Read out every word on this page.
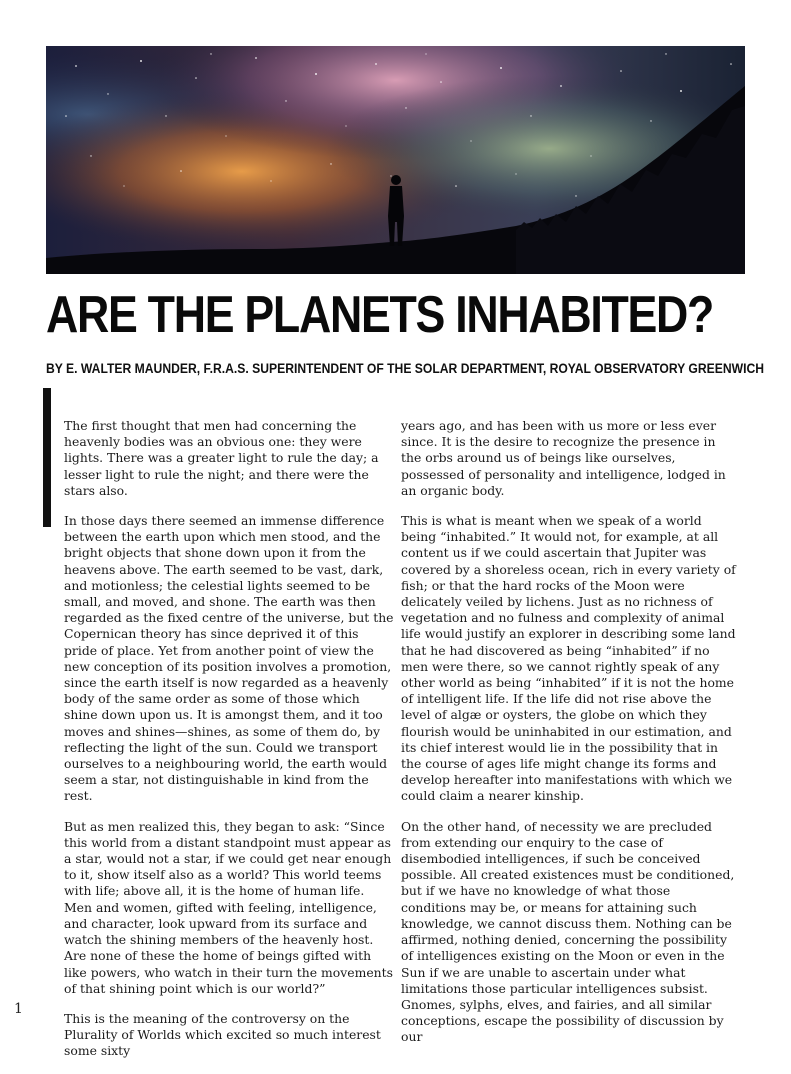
ARE THE PLANETS INHABITED?
BY E. WALTER MAUNDER, F.R.A.S. SUPERINTENDENT OF THE SOLAR DEPARTMENT, ROYAL OBSERVATORY GREENWICH

The first thought that men had concerning the heavenly bodies was an obvious one: they were lights. There was a greater light to rule the day; a lesser light to rule the night; and there were the stars also.

In those days there seemed an immense difference between the earth upon which men stood, and the bright objects that shone down upon it from the heavens above. The earth seemed to be vast, dark, and motionless; the celestial lights seemed to be small, and moved, and shone. The earth was then regarded as the fixed centre of the universe, but the Copernican theory has since deprived it of this pride of place. Yet from another point of view the new conception of its position involves a promotion, since the earth itself is now regarded as a heavenly body of the same order as some of those which shine down upon us. It is amongst them, and it too moves and shines—shines, as some of them do, by reflecting the light of the sun. Could we transport ourselves to a neighbouring world, the earth would seem a star, not distinguishable in kind from the rest.

But as men realized this, they began to ask: “Since this world from a distant standpoint must appear as a star, would not a star, if we could get near enough to it, show itself also as a world? This world teems with life; above all, it is the home of human life. Men and women, gifted with feeling, intelligence, and character, look upward from its surface and watch the shining members of the heavenly host. Are none of these the home of beings gifted with like powers, who watch in their turn the movements of that shining point which is our world?”

This is the meaning of the controversy on the Plurality of Worlds which excited so much interest some sixty

years ago, and has been with us more or less ever since. It is the desire to recognize the presence in the orbs around us of beings like ourselves, possessed of personality and intelligence, lodged in an organic body.

This is what is meant when we speak of a world being “inhabited.” It would not, for example, at all content us if we could ascertain that Jupiter was covered by a shoreless ocean, rich in every variety of fish; or that the hard rocks of the Moon were delicately veiled by lichens. Just as no richness of vegetation and no fulness and complexity of animal life would justify an explorer in describing some land that he had discovered as being “inhabited” if no men were there, so we cannot rightly speak of any other world as being “inhabited” if it is not the home of intelligent life. If the life did not rise above the level of algæ or oysters, the globe on which they flourish would be uninhabited in our estimation, and its chief interest would lie in the possibility that in the course of ages life might change its forms and develop hereafter into manifestations with which we could claim a nearer kinship.

On the other hand, of necessity we are precluded from extending our enquiry to the case of disembodied intelligences, if such be conceived possible. All created existences must be conditioned, but if we have no knowledge of what those conditions may be, or means for attaining such knowledge, we cannot discuss them. Nothing can be affirmed, nothing denied, concerning the possibility of intelligences existing on the Moon or even in the Sun if we are unable to ascertain under what limitations those particular intelligences subsist. Gnomes, sylphs, elves, and fairies, and all similar conceptions, escape the possibility of discussion by our

1
